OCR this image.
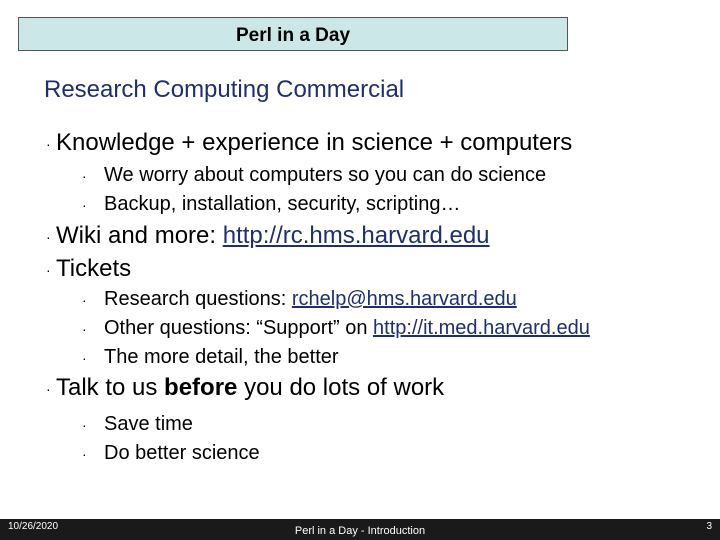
Perl in a Day
Research Computing Commercial
· Knowledge + experience in science + computers
· We worry about computers so you can do science
· Backup, installation, security, scripting…
· Wiki and more: http://rc.hms.harvard.edu
· Tickets
· Research questions: rchelp@hms.harvard.edu
· Other questions: “Support” on http://it.med.harvard.edu
· The more detail, the better
· Talk to us before you do lots of work
· Save time
· Do better science
10/26/2020	Perl in a Day - Introduction	3
